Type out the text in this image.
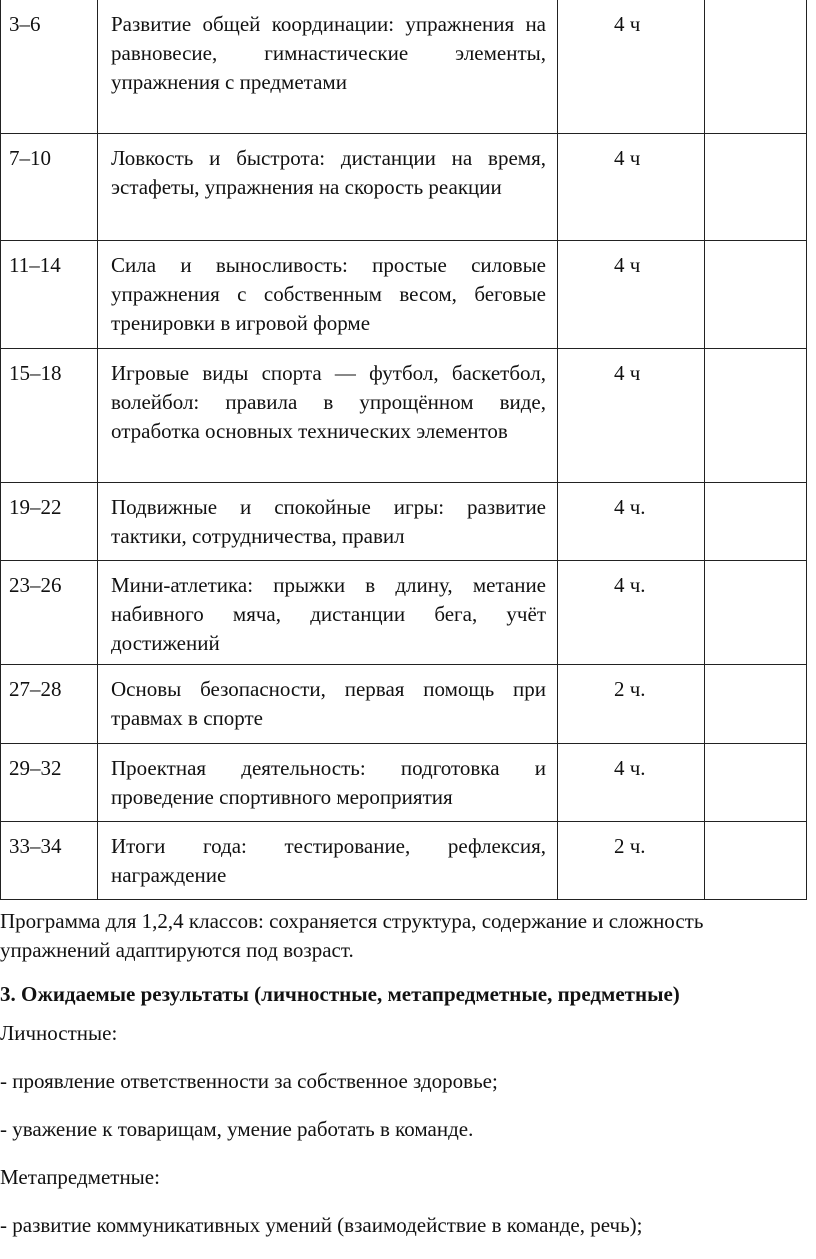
3–6	Развитие общей координации: упражнения на равновесие, гимнастические элементы, упражнения с предметами	4 ч	
7–10	Ловкость и быстрота: дистанции на время, эстафеты, упражнения на скорость реакции	4 ч	
11–14	Сила и выносливость: простые силовые упражнения с собственным весом, беговые тренировки в игровой форме	4 ч	
15–18	Игровые виды спорта — футбол, баскетбол, волейбол: правила в упрощённом виде, отработка основных технических элементов	4 ч	
19–22	Подвижные и спокойные игры: развитие тактики, сотрудничества, правил	4 ч.	
23–26	Мини-атлетика: прыжки в длину, метание набивного мяча, дистанции бега, учёт достижений	4 ч.	
27–28	Основы безопасности, первая помощь при травмах в спорте	2 ч.	
29–32	Проектная деятельность: подготовка и проведение спортивного мероприятия	4 ч.	
33–34	Итоги года: тестирование, рефлексия, награждение	2 ч.	

Программа для 1,2,4 классов: сохраняется структура, содержание и сложность упражнений адаптируются под возраст.

3. Ожидаемые результаты (личностные, метапредметные, предметные)

Личностные:

- проявление ответственности за собственное здоровье;

- уважение к товарищам, умение работать в команде.

Метапредметные:

- развитие коммуникативных умений (взаимодействие в команде, речь);
